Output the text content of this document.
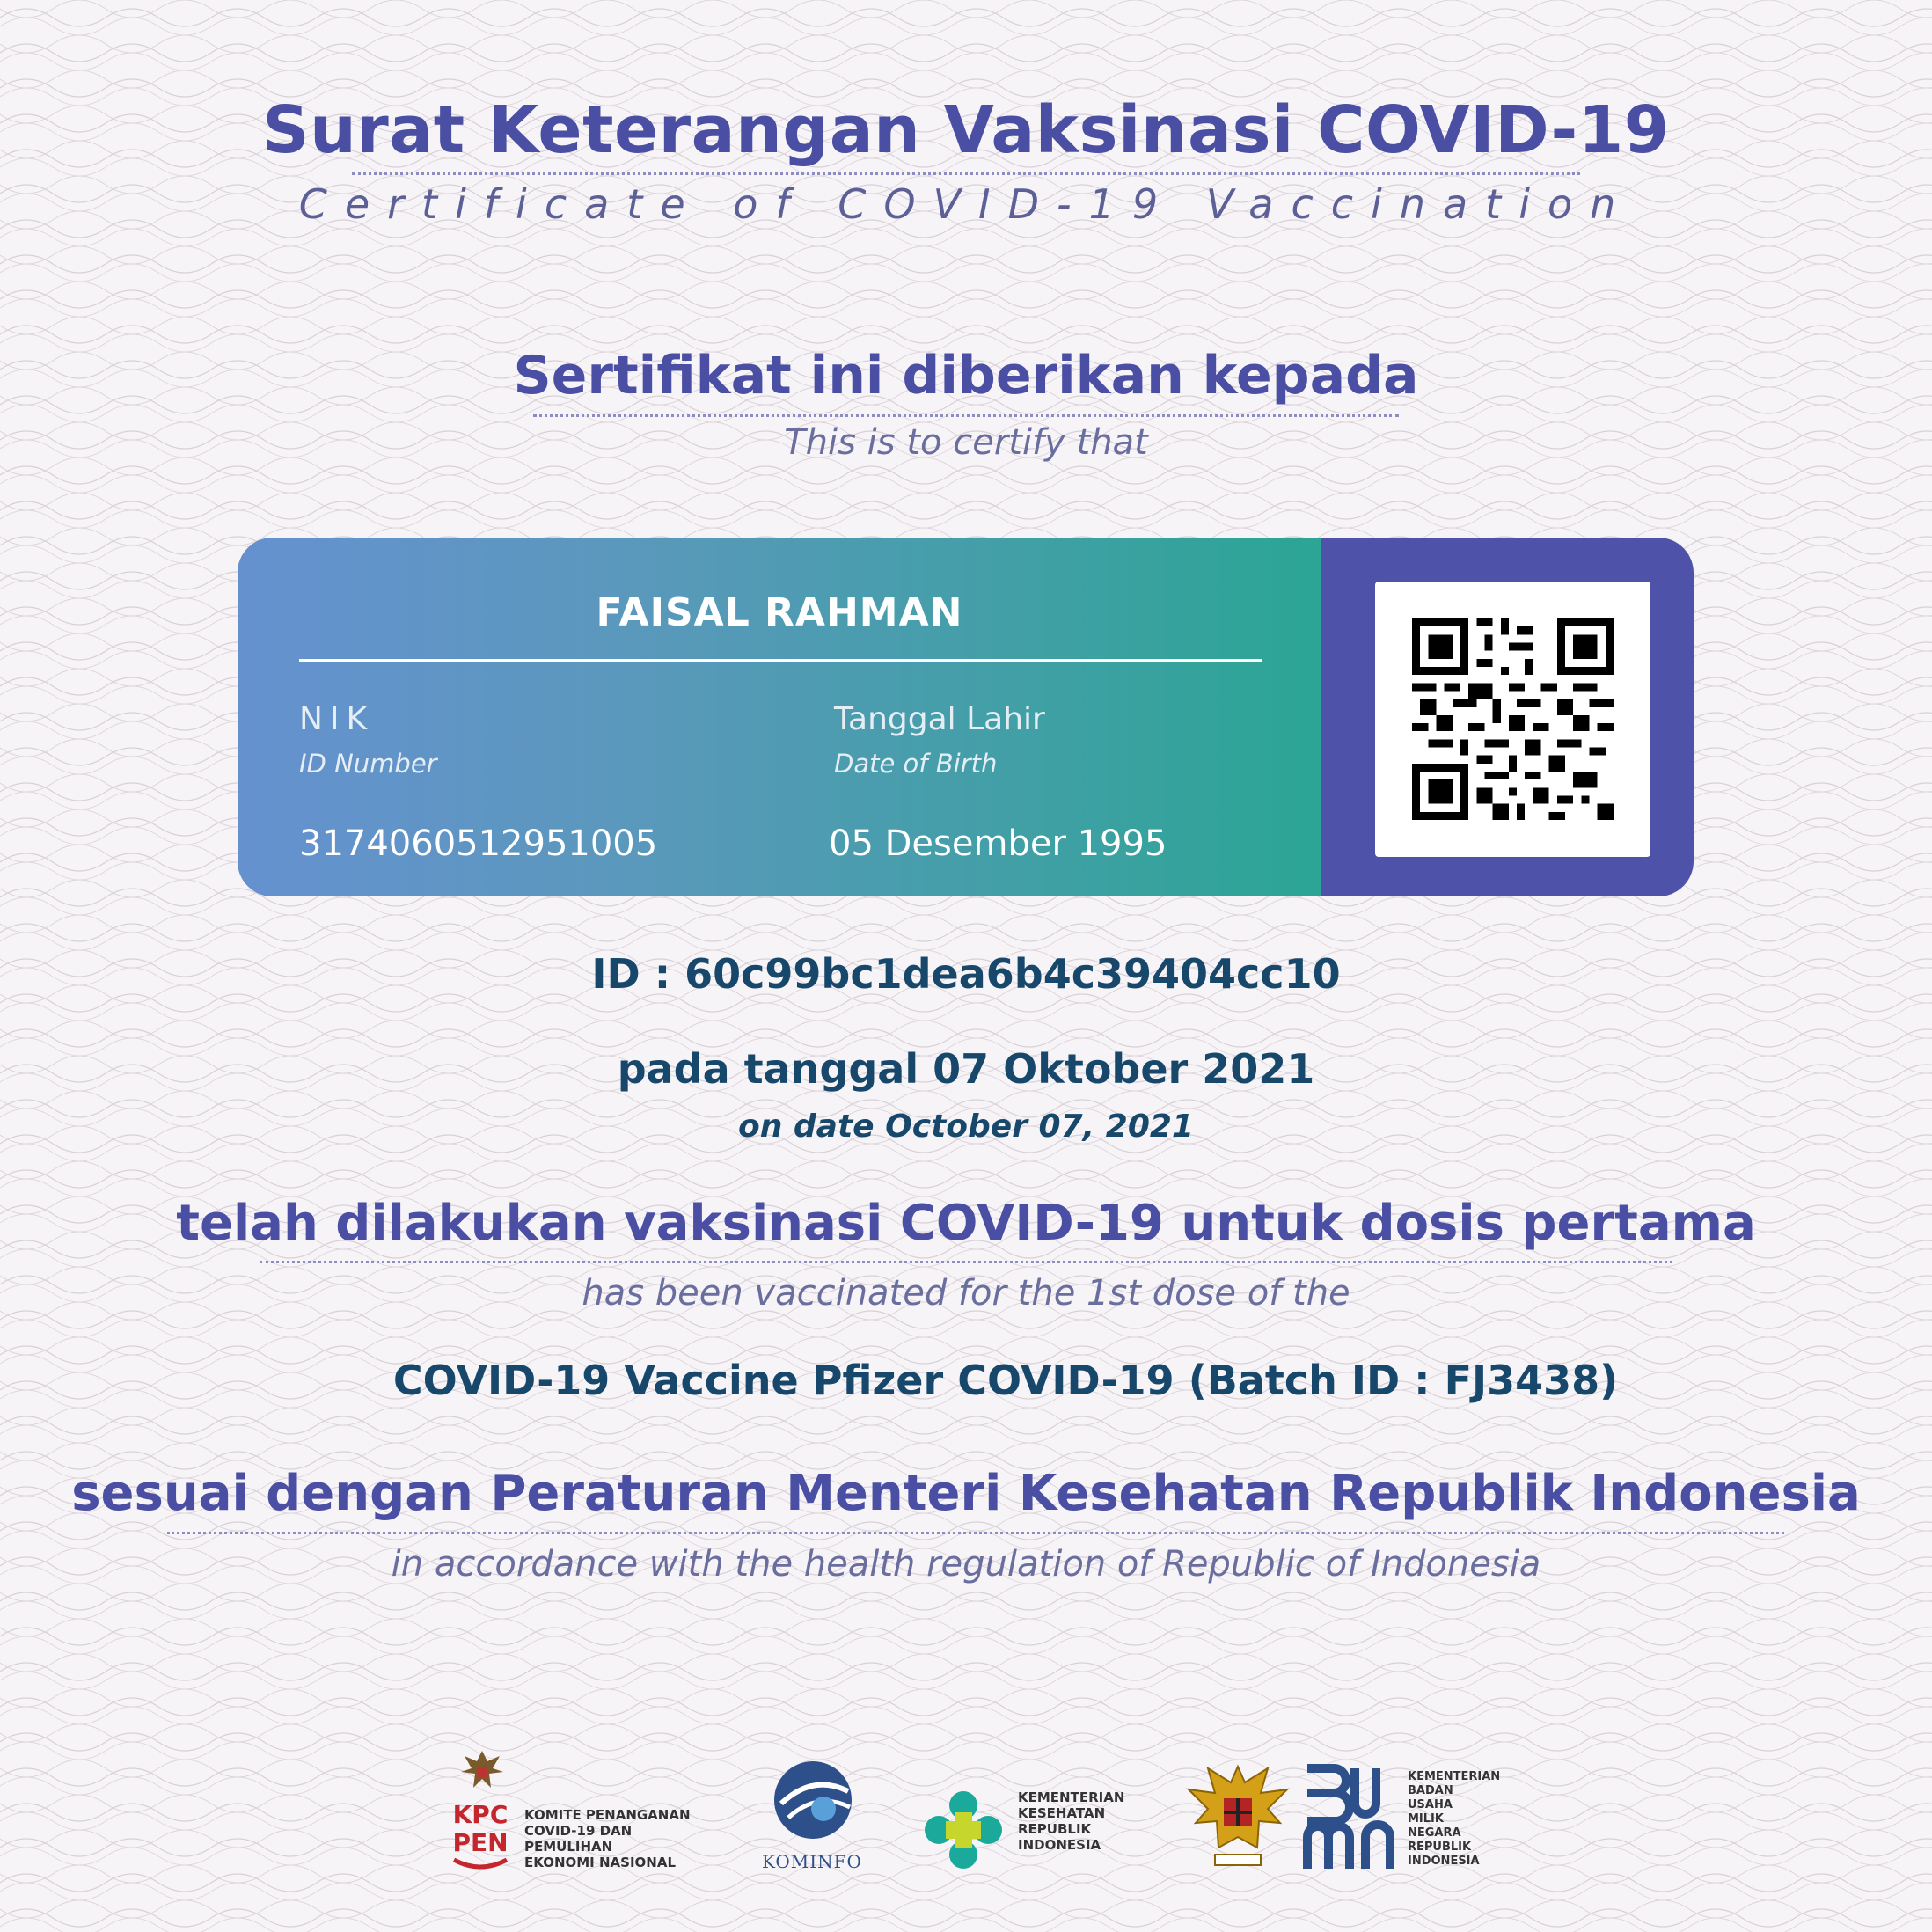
Surat Keterangan Vaksinasi COVID-19
Certificate of COVID-19 Vaccination
Sertifikat ini diberikan kepada
This is to certify that
FAISAL RAHMAN
NIK
ID Number
3174060512951005
Tanggal Lahir
Date of Birth
05 Desember 1995
ID : 60c99bc1dea6b4c39404cc10
pada tanggal 07 Oktober 2021
on date October 07, 2021
telah dilakukan vaksinasi COVID-19 untuk dosis pertama
has been vaccinated for the 1st dose of the
COVID-19 Vaccine Pfizer COVID-19 (Batch ID : FJ3438)
sesuai dengan Peraturan Menteri Kesehatan Republik Indonesia
in accordance with the health regulation of Republic of Indonesia
KPC
PEN
KOMITE PENANGANAN
COVID-19 DAN PEMULIHAN
EKONOMI NASIONAL	KOMINFO
KEMENTERIAN
KESEHATAN
REPUBLIK
INDONESIA
KEMENTERIAN
BADAN USAHA
MILIK NEGARA
REPUBLIK
INDONESIA
